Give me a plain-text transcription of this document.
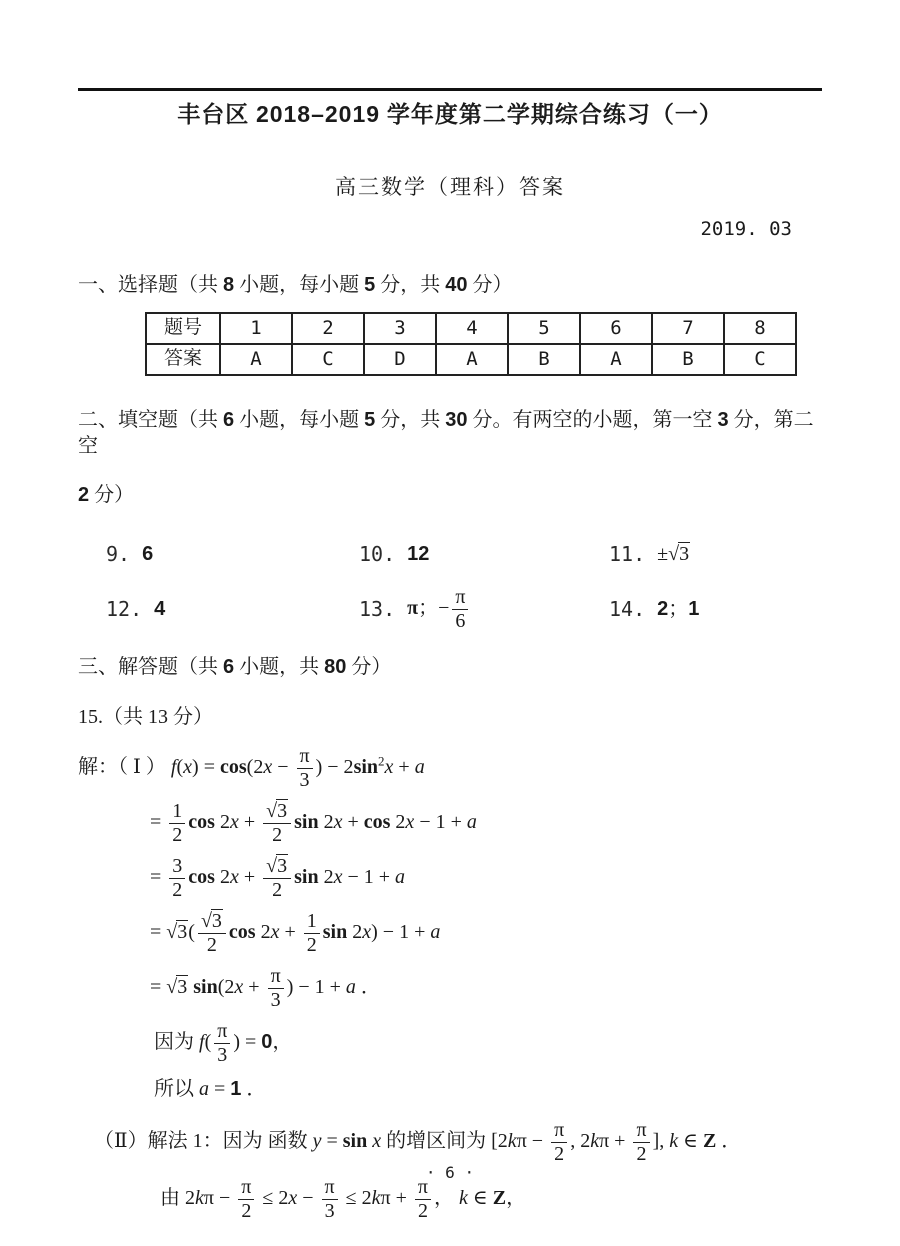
丰台区 2018–2019 学年度第二学期综合练习（一）
高三数学（理科）答案
2019. 03
一、选择题（共 8 小题，每小题 5 分，共 40 分）
题号	1	2	3	4	5	6	7	8
答案	A	C	D	A	B	A	B	C
二、填空题（共 6 小题，每小题 5 分，共 30 分。有两空的小题，第一空 3 分，第二空
2 分）
9. 6	10. 12	11. ±√3
12. 4	13. π；− $\frac{\pi}{6}$	14. 2；1
三、解答题（共 6 小题，共 80 分）
15.（共 13 分）
解：（ Ⅰ ） $f(x) = \cos(2x - \frac{\pi}{3}$ ) − $2\sin^2x + a$
= $\frac{1}{2}$ $\cos 2x + \frac{√3}{2}$ sin 2x + cos 2x − 1 + a
= $\frac{3}{2}$ $\cos 2x + \frac{√3}{2}$ sin 2x − 1 + a
= $√3( \frac{√3}{2}$ $\cos 2x + \frac{1}{2}$ sin 2x) − 1 + a
= √3 $\sin(2x + \frac{\pi}{3}$ ) − 1 + a ．
因为 $f( \frac{\pi}{3}$ ) = 0，
所以 a = 1 ．
（Ⅱ）解法 1：因为 函数 y = sin x 的增区间为 [$2k\pi - \frac{\pi}{2}$ , $2k\pi + \frac{\pi}{2}$ ], k ∈ Z ．
由 $2k\pi - \frac{\pi}{2} \le 2x - \frac{\pi}{3} \le 2k\pi + \frac{\pi}{2}$ ， k ∈ Z，
· 6 ·
